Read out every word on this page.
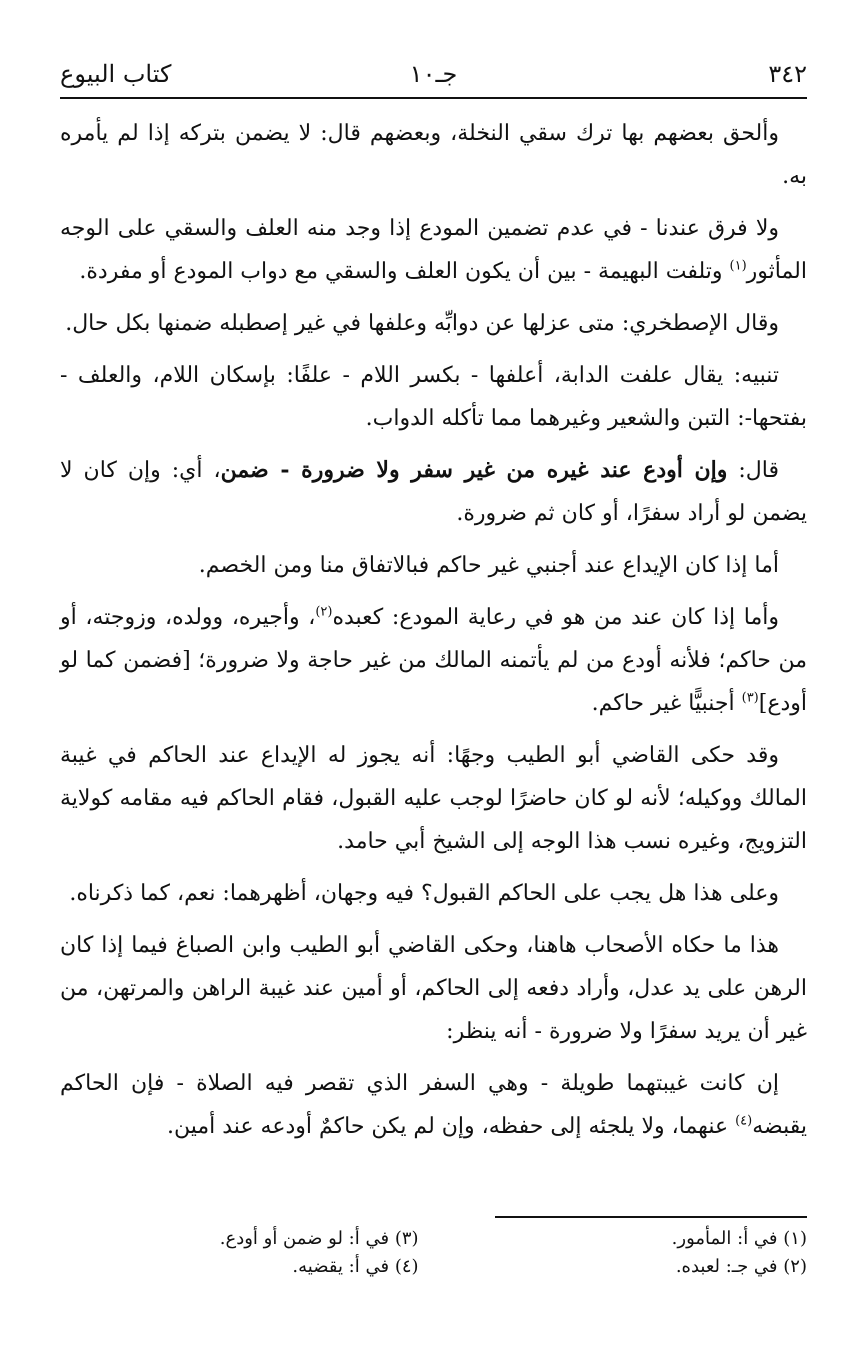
٣٤٢
جـ١٠
كتاب البيوع

وألحق بعضهم بها ترك سقي النخلة، وبعضهم قال: لا يضمن بتركه إذا لم يأمره به.

ولا فرق عندنا - في عدم تضمين المودع إذا وجد منه العلف والسقي على الوجه المأثور$^{(١)}$ وتلفت البهيمة - بين أن يكون العلف والسقي مع دواب المودع أو مفردة.

وقال الإصطخري: متى عزلها عن دوابِّه وعلفها في غير إصطبله ضمنها بكل حال.

تنبيه: يقال علفت الدابة، أعلفها - بكسر اللام - علفًا: بإسكان اللام، والعلف - بفتحها-: التبن والشعير وغيرهما مما تأكله الدواب.

قال: وإن أودع عند غيره من غير سفر ولا ضرورة - ضمن، أي: وإن كان لا يضمن لو أراد سفرًا، أو كان ثم ضرورة.

أما إذا كان الإيداع عند أجنبي غير حاكم فبالاتفاق منا ومن الخصم.

وأما إذا كان عند من هو في رعاية المودع: كعبده$^{(٢)}$، وأجيره، وولده، وزوجته، أو من حاكم؛ فلأنه أودع من لم يأتمنه المالك من غير حاجة ولا ضرورة؛ [فضمن كما لو أودع]$^{(٣)}$ أجنبيًّا غير حاكم.

وقد حكى القاضي أبو الطيب وجهًا: أنه يجوز له الإيداع عند الحاكم في غيبة المالك ووكيله؛ لأنه لو كان حاضرًا لوجب عليه القبول، فقام الحاكم فيه مقامه كولاية التزويج، وغيره نسب هذا الوجه إلى الشيخ أبي حامد.

وعلى هذا هل يجب على الحاكم القبول؟ فيه وجهان، أظهرهما: نعم، كما ذكرناه.

هذا ما حكاه الأصحاب هاهنا، وحكى القاضي أبو الطيب وابن الصباغ فيما إذا كان الرهن على يد عدل، وأراد دفعه إلى الحاكم، أو أمين عند غيبة الراهن والمرتهن، من غير أن يريد سفرًا ولا ضرورة - أنه ينظر:

إن كانت غيبتهما طويلة - وهي السفر الذي تقصر فيه الصلاة - فإن الحاكم يقبضه$^{(٤)}$ عنهما، ولا يلجئه إلى حفظه، وإن لم يكن حاكمٌ أودعه عند أمين.

(١) في أ: المأمور.

(٢) في جـ: لعبده.

(٣) في أ: لو ضمن أو أودع.

(٤) في أ: يقضيه.
